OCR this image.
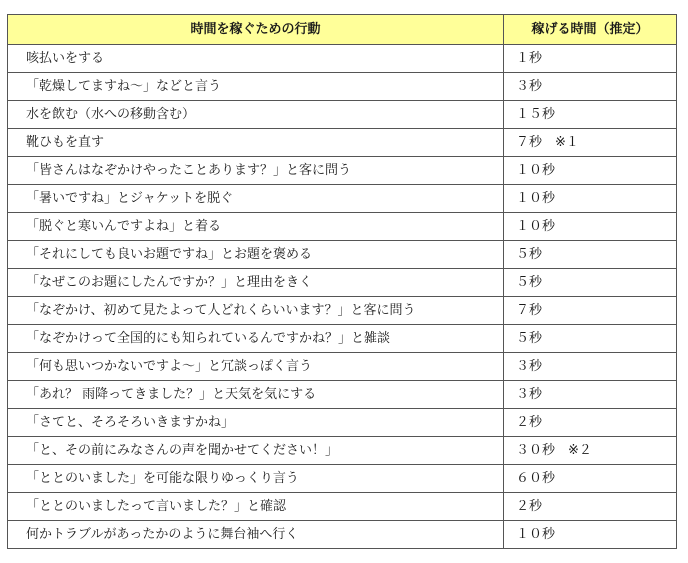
時間を稼ぐための行動	稼げる時間（推定）
咳払いをする	１秒
「乾燥してますね～」などと言う	３秒
水を飲む（水への移動含む）	１５秒
靴ひもを直す	７秒　※１
「皆さんはなぞかけやったことあります？」と客に問う	１０秒
「暑いですね」とジャケットを脱ぐ	１０秒
「脱ぐと寒いんですよね」と着る	１０秒
「それにしても良いお題ですね」とお題を褒める	５秒
「なぜこのお題にしたんですか？」と理由をきく	５秒
「なぞかけ、初めて見たよって人どれくらいいます？」と客に問う	７秒
「なぞかけって全国的にも知られているんですかね？」と雑談	５秒
「何も思いつかないですよ～」と冗談っぽく言う	３秒
「あれ？ 雨降ってきました？」と天気を気にする	３秒
「さてと、そろそろいきますかね」	２秒
「と、その前にみなさんの声を聞かせてください！」	３０秒　※２
「ととのいました」を可能な限りゆっくり言う	６０秒
「ととのいましたって言いました？」と確認	２秒
何かトラブルがあったかのように舞台袖へ行く	１０秒
